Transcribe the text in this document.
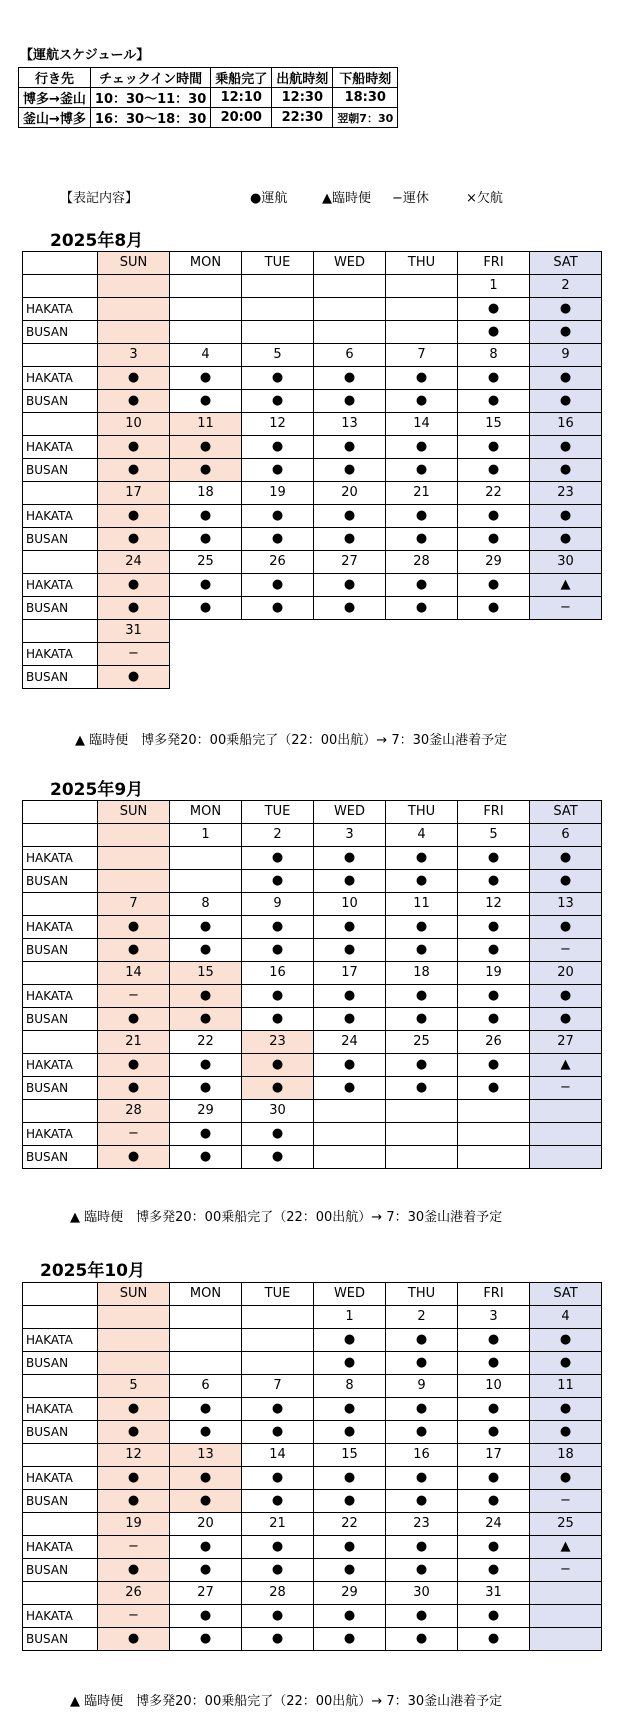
【運航スケジュール】
行き先	チェックイン時間	乗船完了	出航時刻	下船時刻
博多→釜山	10：30〜11：30	12:10	12:30	18:30
釜山→博多	16：30〜18：30	20:00	22:30	翌朝7：30
【表記内容】	●運航	▲臨時便 −運休	×欠航
2025年8月
	SUN	MON	TUE	WED	THU	FRI	SAT
						1	2
HAKATA						●	●
BUSAN						●	●
	3	4	5	6	7	8	9
HAKATA	●	●	●	●	●	●	●
BUSAN	●	●	●	●	●	●	●
	10	11	12	13	14	15	16
HAKATA	●	●	●	●	●	●	●
BUSAN	●	●	●	●	●	●	●
	17	18	19	20	21	22	23
HAKATA	●	●	●	●	●	●	●
BUSAN	●	●	●	●	●	●	●
	24	25	26	27	28	29	30
HAKATA	●	●	●	●	●	●	▲
BUSAN	●	●	●	●	●	●	−
	31						
HAKATA	−						
BUSAN	●						
▲ 臨時便　博多発20：00乗船完了（22：00出航）→ 7：30釜山港着予定
2025年9月
	SUN	MON	TUE	WED	THU	FRI	SAT
		1	2	3	4	5	6
HAKATA			●	●	●	●	●
BUSAN			●	●	●	●	●
	7	8	9	10	11	12	13
HAKATA	●	●	●	●	●	●	●
BUSAN	●	●	●	●	●	●	−
	14	15	16	17	18	19	20
HAKATA	−	●	●	●	●	●	●
BUSAN	●	●	●	●	●	●	●
	21	22	23	24	25	26	27
HAKATA	●	●	●	●	●	●	▲
BUSAN	●	●	●	●	●	●	−
	28	29	30				
HAKATA	−	●	●				
BUSAN	●	●	●				
▲ 臨時便　博多発20：00乗船完了（22：00出航）→ 7：30釜山港着予定
2025年10月
	SUN	MON	TUE	WED	THU	FRI	SAT
				1	2	3	4
HAKATA				●	●	●	●
BUSAN				●	●	●	●
	5	6	7	8	9	10	11
HAKATA	●	●	●	●	●	●	●
BUSAN	●	●	●	●	●	●	●
	12	13	14	15	16	17	18
HAKATA	●	●	●	●	●	●	●
BUSAN	●	●	●	●	●	●	−
	19	20	21	22	23	24	25
HAKATA	−	●	●	●	●	●	▲
BUSAN	●	●	●	●	●	●	−
	26	27	28	29	30	31	
HAKATA	−	●	●	●	●	●	
BUSAN	●	●	●	●	●	●	
▲ 臨時便　博多発20：00乗船完了（22：00出航）→ 7：30釜山港着予定
